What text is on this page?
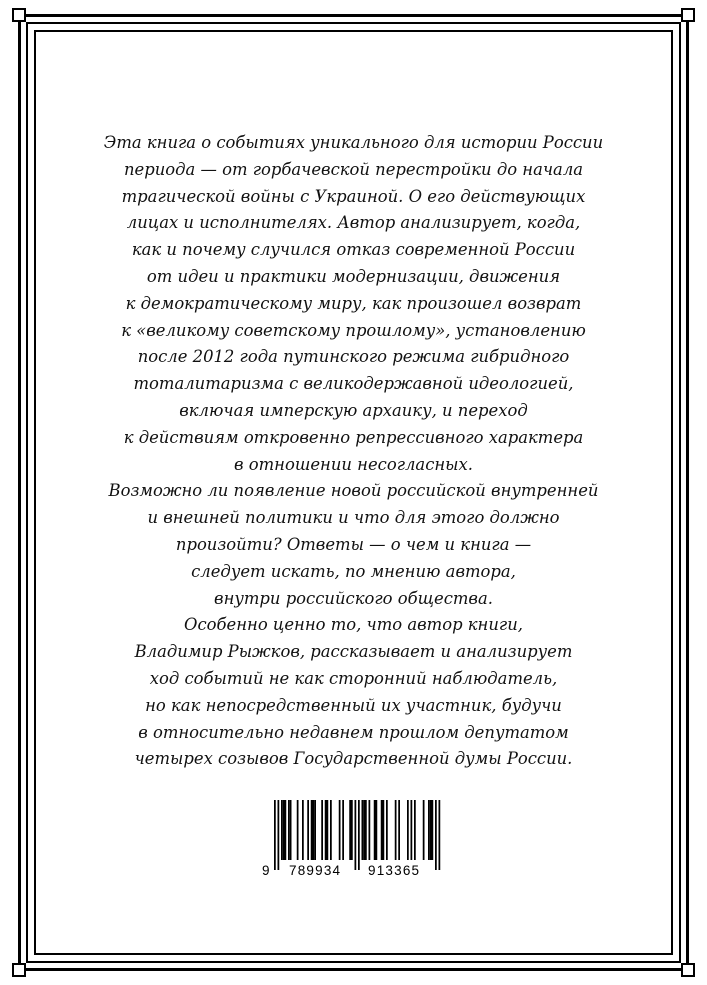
Эта книга о событиях уникального для истории России
периода — от горбачевской перестройки до начала
трагической войны с Украиной. О его действующих
лицах и исполнителях. Автор анализирует, когда,
как и почему случился отказ современной России
от идеи и практики модернизации, движения
к демократическому миру, как произошел возврат
к «великому советскому прошлому», установлению
после 2012 года путинского режима гибридного
тоталитаризма с великодержавной идеологией,
включая имперскую архаику, и переход
к действиям откровенно репрессивного характера
в отношении несогласных.
Возможно ли появление новой российской внутренней
и внешней политики и что для этого должно
произойти? Ответы — о чем и книга —
следует искать, по мнению автора,
внутри российского общества.
Особенно ценно то, что автор книги,
Владимир Рыжков, рассказывает и анализирует
ход событий не как сторонний наблюдатель,
но как непосредственный их участник, будучи
в относительно недавнем прошлом депутатом
четырех созывов Государственной думы России.

9 789934 913365
